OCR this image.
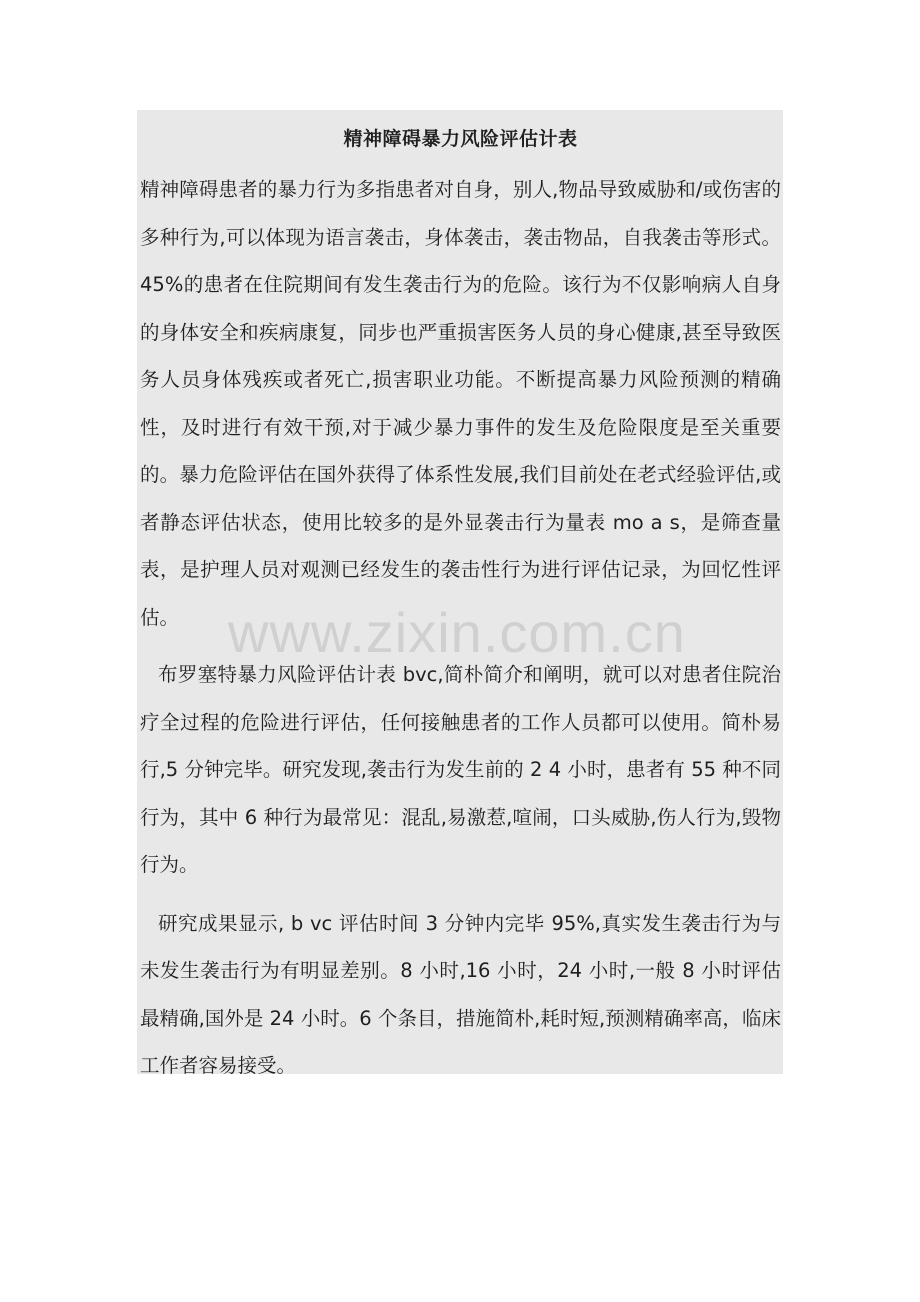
精神障碍暴力风险评估计表

精神障碍患者的暴力行为多指患者对自身，别人,物品导致威胁和/或伤害的多种行为,可以体现为语言袭击，身体袭击，袭击物品，自我袭击等形式。45%的患者在住院期间有发生袭击行为的危险。该行为不仅影响病人自身的身体安全和疾病康复，同步也严重损害医务人员的身心健康,甚至导致医务人员身体残疾或者死亡,损害职业功能。不断提高暴力风险预测的精确性，及时进行有效干预,对于减少暴力事件的发生及危险限度是至关重要的。暴力危险评估在国外获得了体系性发展,我们目前处在老式经验评估,或者静态评估状态，使用比较多的是外显袭击行为量表 mo a s，是筛查量表，是护理人员对观测已经发生的袭击性行为进行评估记录，为回忆性评估。

布罗塞特暴力风险评估计表 bvc,简朴简介和阐明，就可以对患者住院治疗全过程的危险进行评估，任何接触患者的工作人员都可以使用。简朴易行,5 分钟完毕。研究发现,袭击行为发生前的 2 4 小时，患者有 55 种不同行为，其中 6 种行为最常见：混乱,易激惹,喧闹，口头威胁,伤人行为,毁物行为。

研究成果显示, b vc 评估时间 3 分钟内完毕 95%,真实发生袭击行为与未发生袭击行为有明显差别。8 小时,16 小时，24 小时,一般 8 小时评估最精确,国外是 24 小时。6 个条目，措施简朴,耗时短,预测精确率高，临床工作者容易接受。
